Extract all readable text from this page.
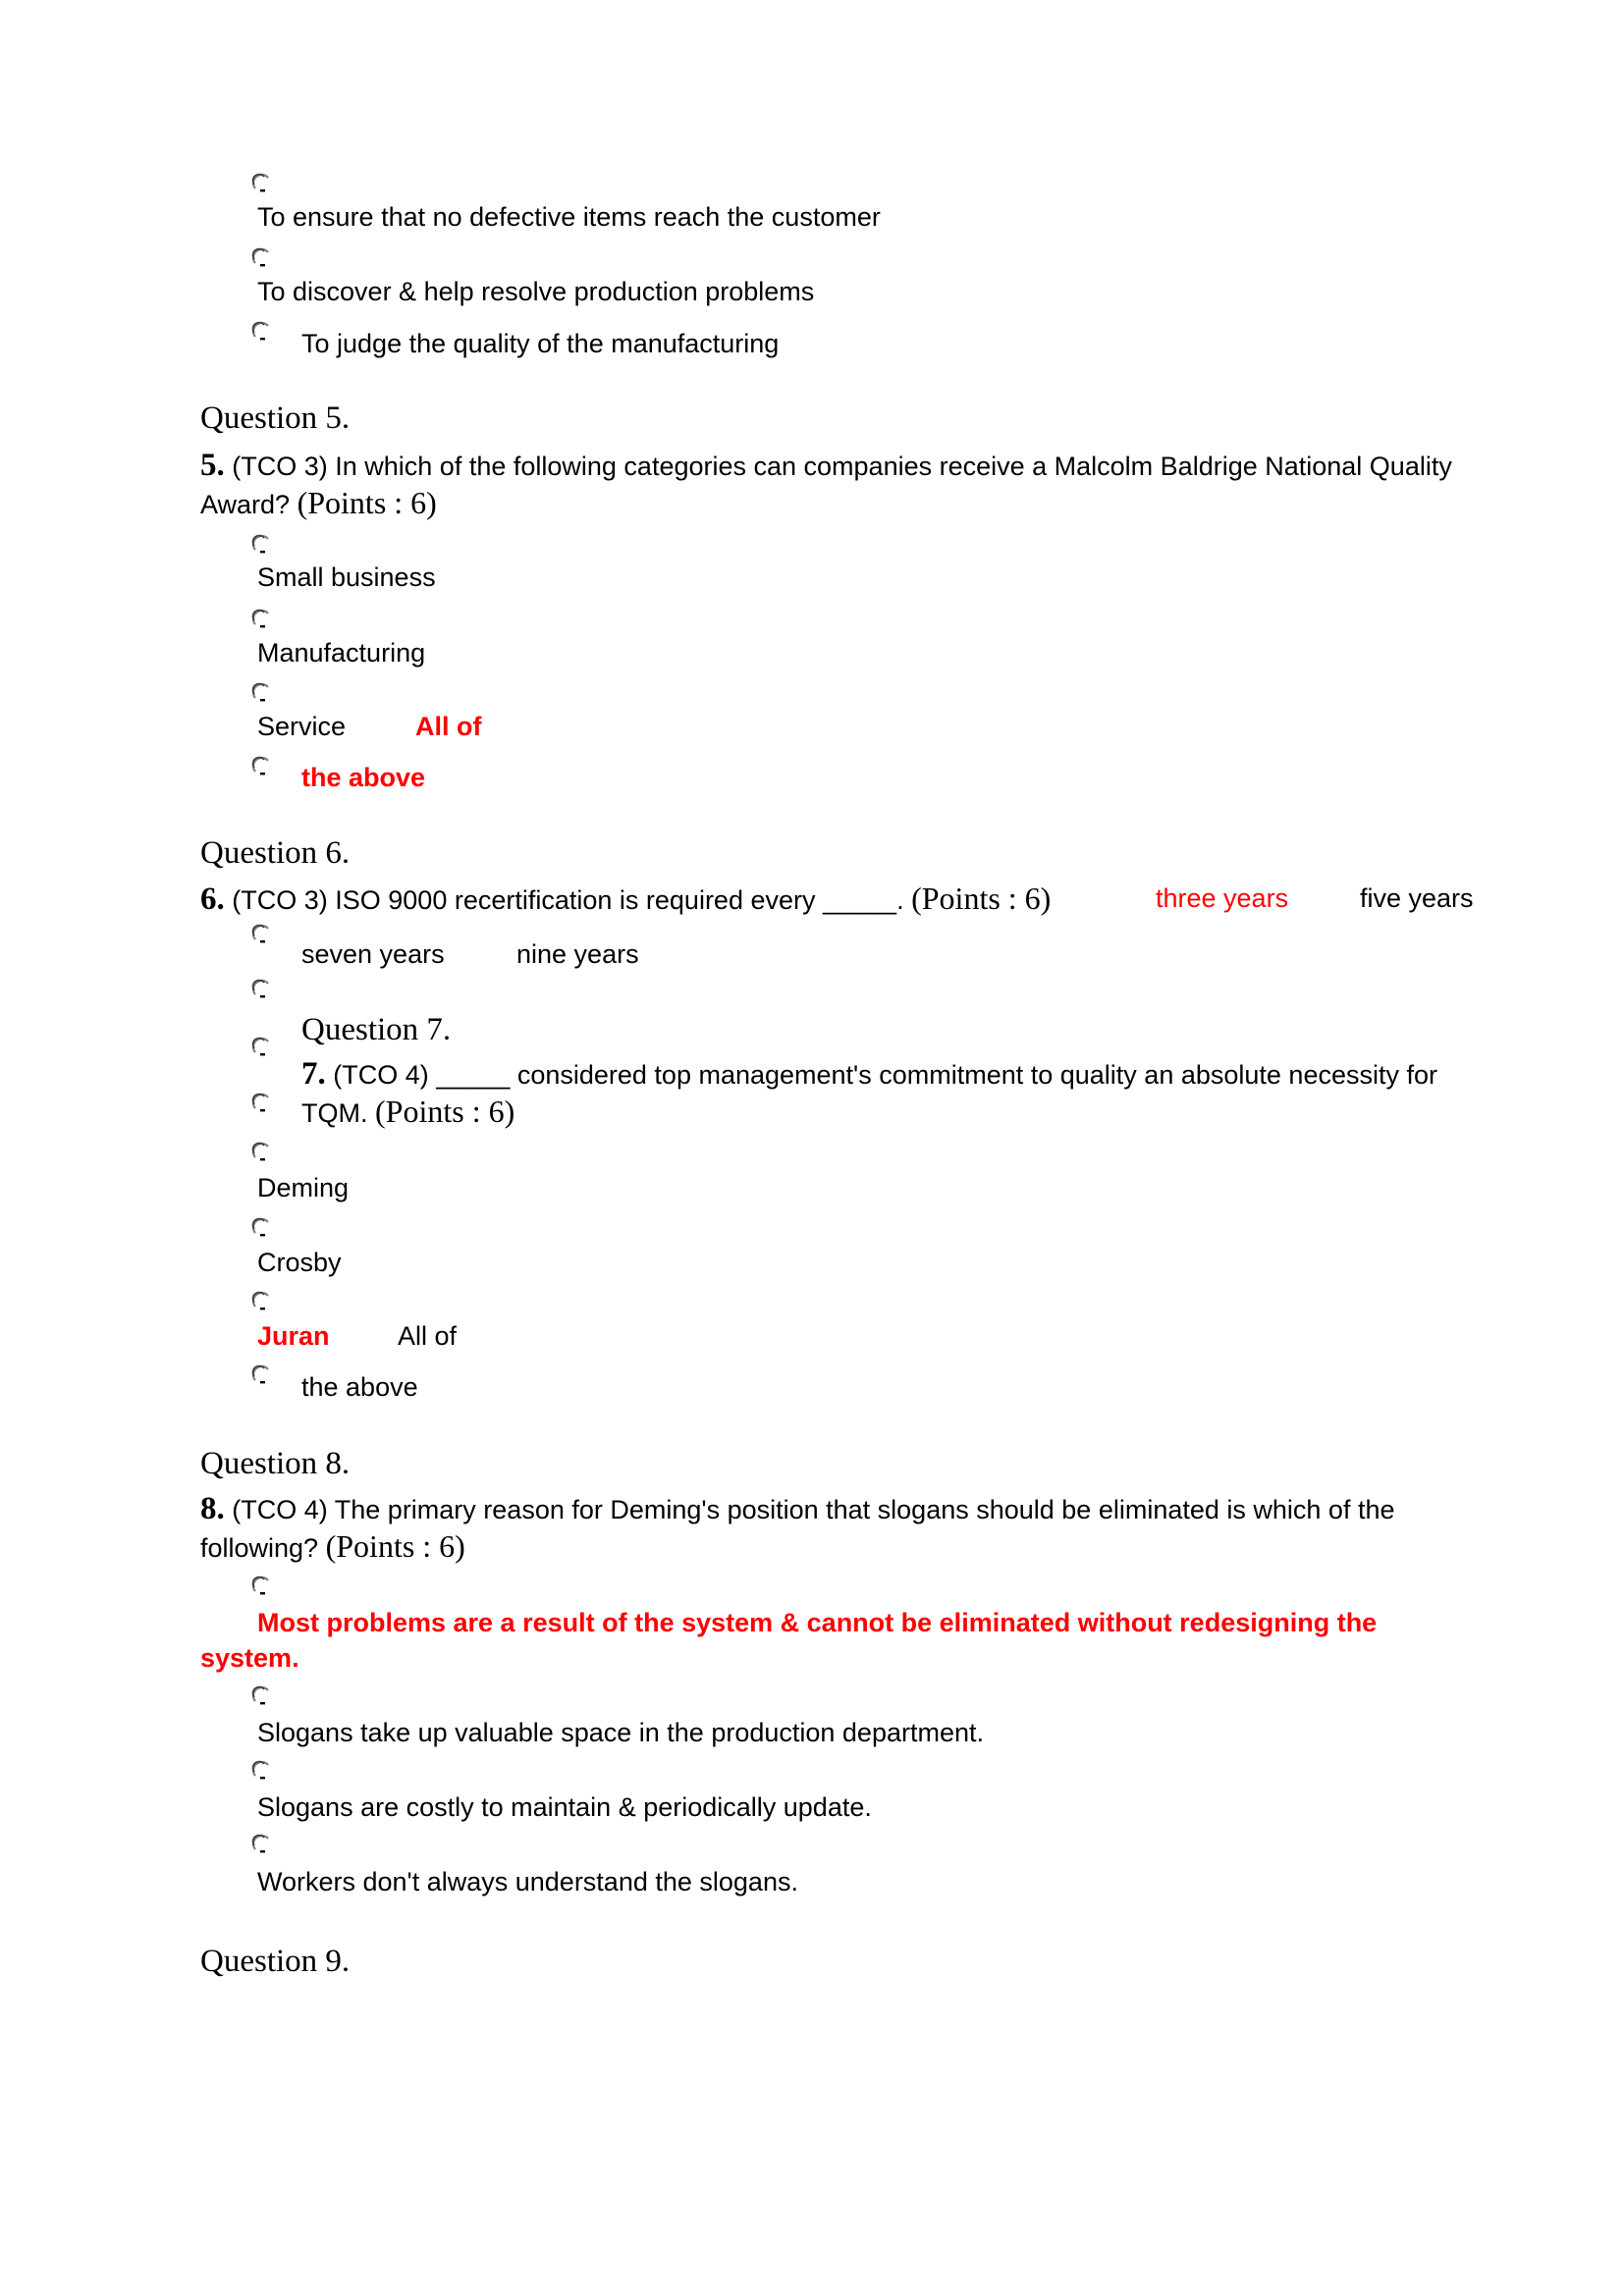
To ensure that no defective items reach the customer
To discover & help resolve production problems
To judge the quality of the manufacturing
Question 5.
5. (TCO 3) In which of the following categories can companies receive a Malcolm Baldrige National Quality
Award? (Points : 6)
Small business
Manufacturing
Service	All of
the above
Question 6.
6. (TCO 3) ISO 9000 recertification is required every _____. (Points : 6)	three years	five years
seven years	nine years
Question 7.
7. (TCO 4) _____ considered top management's commitment to quality an absolute necessity for
TQM. (Points : 6)
Deming
Crosby
Juran	All of
the above
Question 8.
8. (TCO 4) The primary reason for Deming's position that slogans should be eliminated is which of the
following? (Points : 6)
Most problems are a result of the system & cannot be eliminated without redesigning the
system.
Slogans take up valuable space in the production department.
Slogans are costly to maintain & periodically update.
Workers don't always understand the slogans.
Question 9.
